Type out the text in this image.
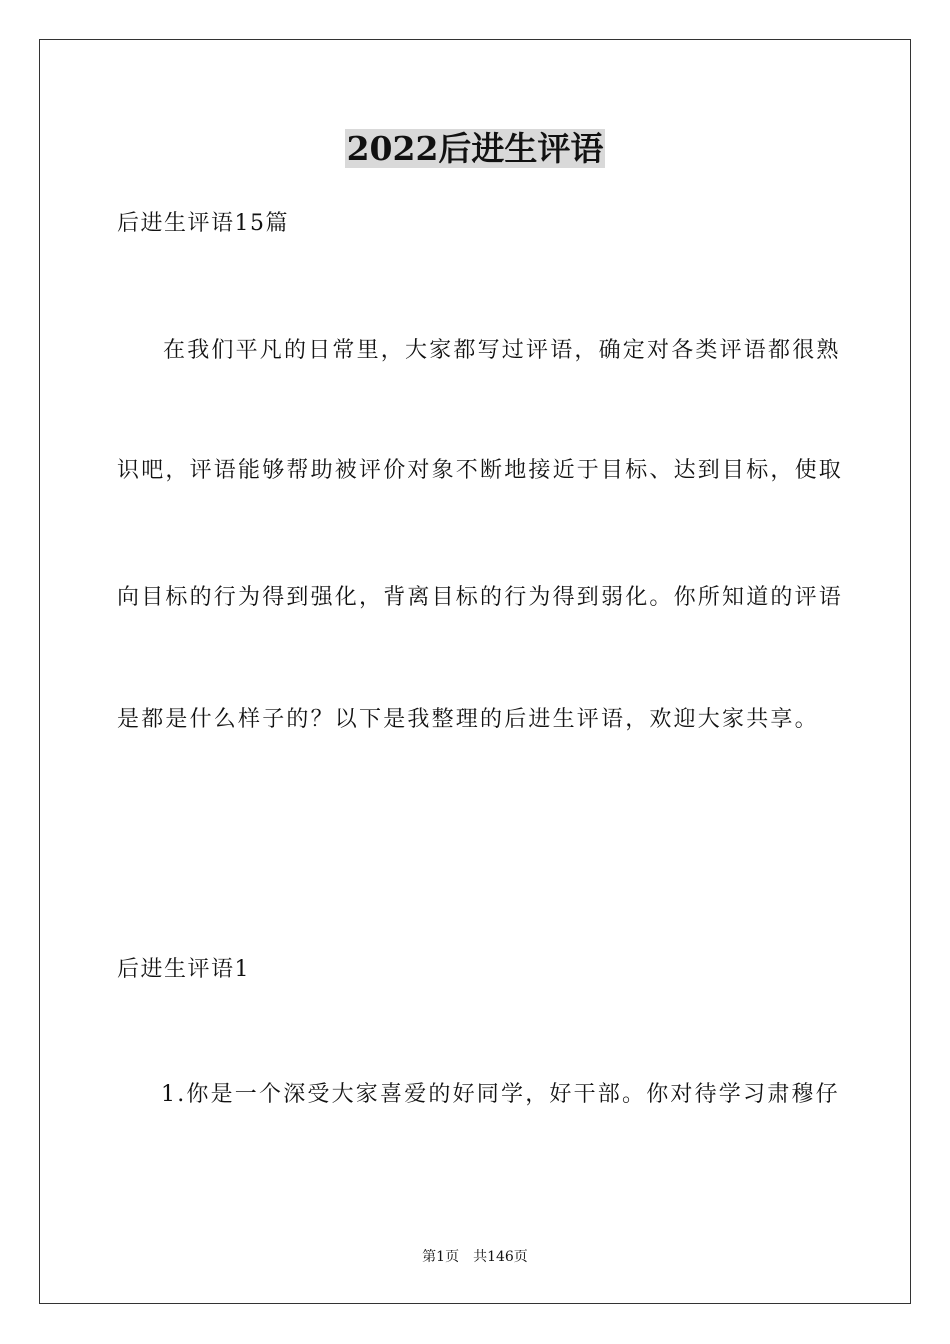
2022后进生评语
后进生评语15篇
在我们平凡的日常里，大家都写过评语，确定对各类评语都很熟
识吧，评语能够帮助被评价对象不断地接近于目标、达到目标，使取
向目标的行为得到强化，背离目标的行为得到弱化。你所知道的评语
是都是什么样子的？以下是我整理的后进生评语，欢迎大家共享。
后进生评语1
1.你是一个深受大家喜爱的好同学，好干部。你对待学习肃穆仔
第1页　共146页
